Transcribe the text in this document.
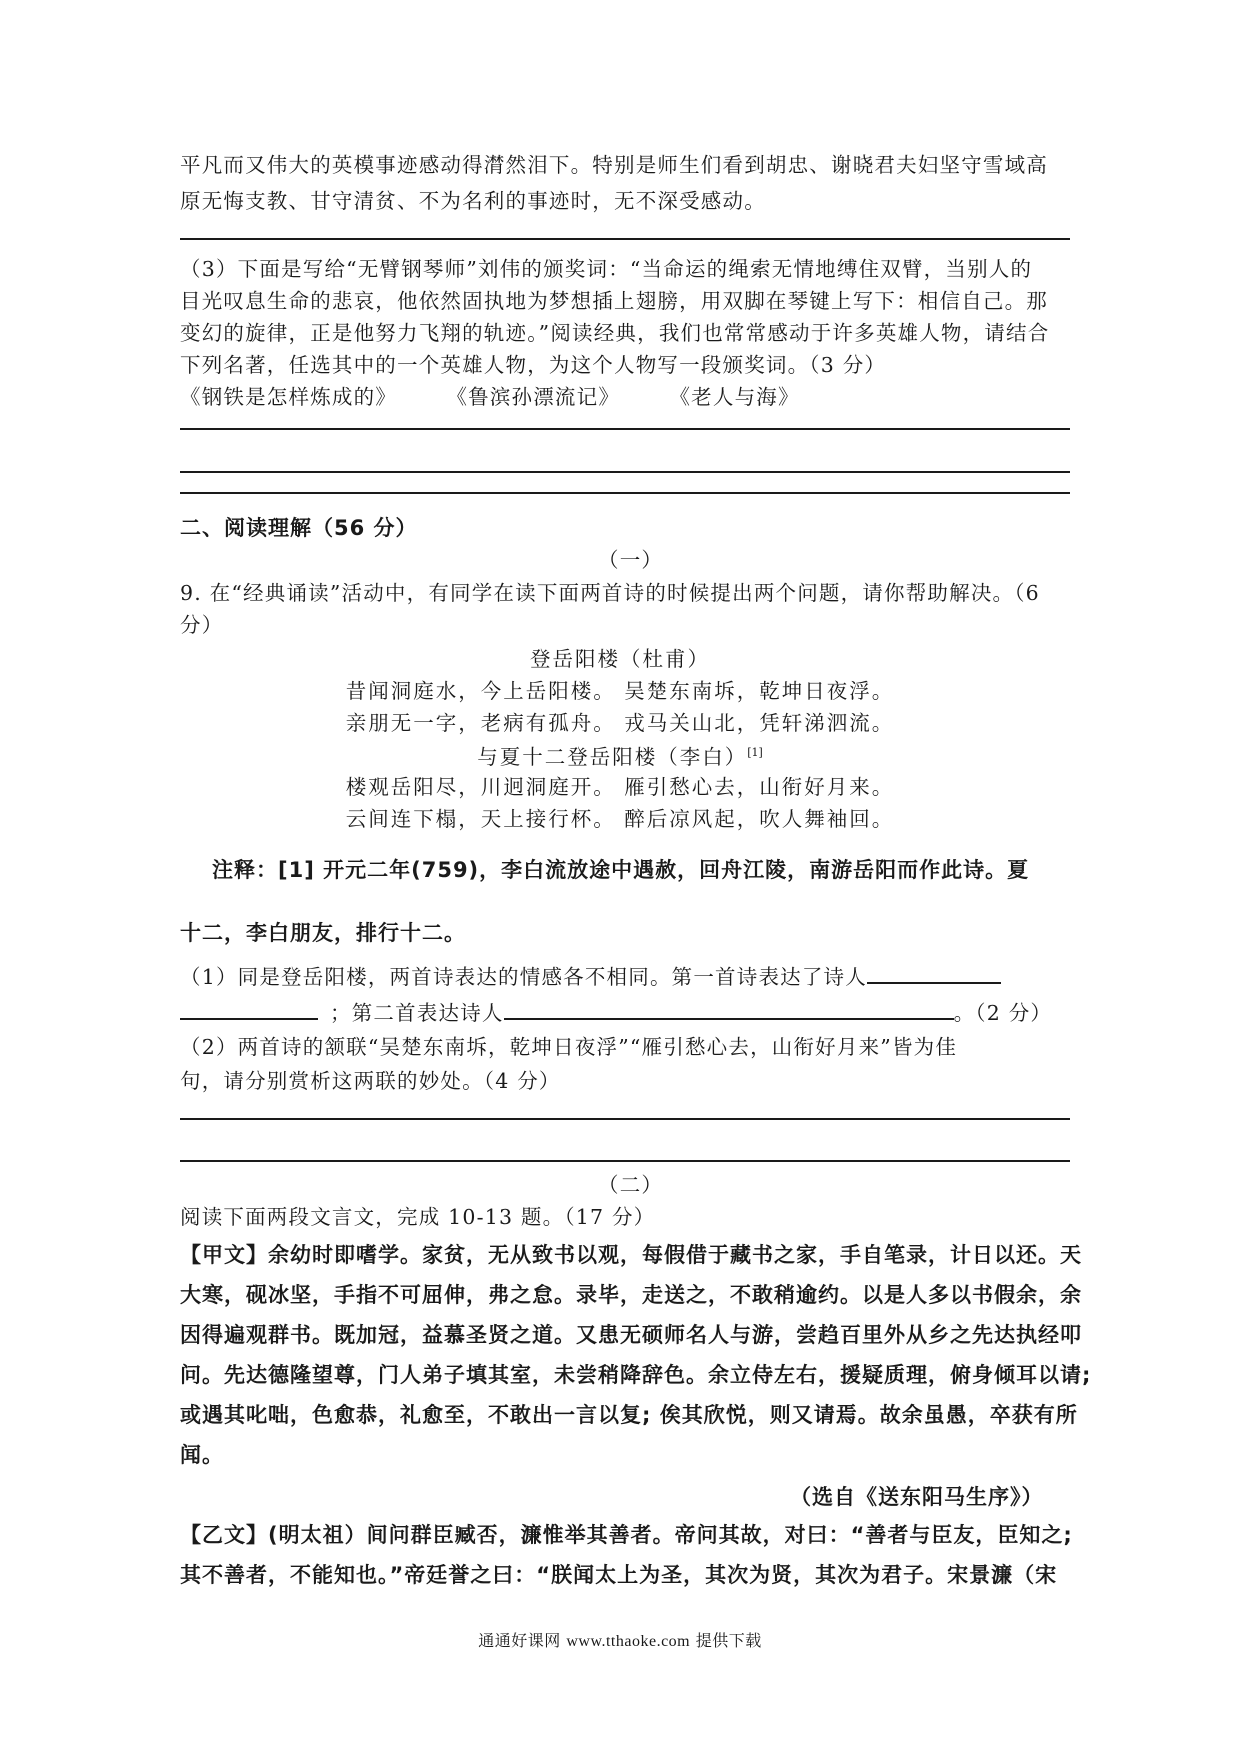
平凡而又伟大的英模事迹感动得潸然泪下。特别是师生们看到胡忠、谢晓君夫妇坚守雪域高
原无悔支教、甘守清贫、不为名利的事迹时，无不深受感动。
（3）下面是写给“无臂钢琴师”刘伟的颁奖词：“当命运的绳索无情地缚住双臂，当别人的
目光叹息生命的悲哀，他依然固执地为梦想插上翅膀，用双脚在琴键上写下：相信自己。那
变幻的旋律，正是他努力飞翔的轨迹。”阅读经典，我们也常常感动于许多英雄人物，请结合
下列名著，任选其中的一个英雄人物，为这个人物写一段颁奖词。（3 分）
《钢铁是怎样炼成的》 《鲁滨孙漂流记》 《老人与海》
二、阅读理解（56 分）
（一）
9. 在“经典诵读”活动中，有同学在读下面两首诗的时候提出两个问题，请你帮助解决。（6
分）
登岳阳楼（杜甫）
昔闻洞庭水，今上岳阳楼。 吴楚东南坼，乾坤日夜浮。
亲朋无一字，老病有孤舟。 戎马关山北，凭轩涕泗流。
与夏十二登岳阳楼（李白）[1]
楼观岳阳尽，川迥洞庭开。 雁引愁心去，山衔好月来。
云间连下榻，天上接行杯。 醉后凉风起，吹人舞袖回。
注释：[1] 开元二年(759)，李白流放途中遇赦，回舟江陵，南游岳阳而作此诗。夏
十二，李白朋友，排行十二。
（1）同是登岳阳楼，两首诗表达的情感各不相同。第一首诗表达了诗人
；第二首表达诗人	。（2 分）
（2）两首诗的颔联“吴楚东南坼，乾坤日夜浮”“雁引愁心去，山衔好月来”皆为佳
句，请分别赏析这两联的妙处。（4 分）
（二）
阅读下面两段文言文，完成 10-13 题。（17 分）
【甲文】余幼时即嗜学。家贫，无从致书以观，每假借于藏书之家，手自笔录，计日以还。天
大寒，砚冰坚，手指不可屈伸，弗之怠。录毕，走送之，不敢稍逾约。以是人多以书假余，余
因得遍观群书。既加冠，益慕圣贤之道。又患无硕师名人与游，尝趋百里外从乡之先达执经叩
问。先达德隆望尊，门人弟子填其室，未尝稍降辞色。余立侍左右，援疑质理，俯身倾耳以请;
或遇其叱咄，色愈恭，礼愈至，不敢出一言以复; 俟其欣悦，则又请焉。故余虽愚，卒获有所
闻。
（选自《送东阳马生序》）
【乙文】(明太祖）间问群臣臧否，濂惟举其善者。帝问其故，对曰：“善者与臣友，臣知之;
其不善者，不能知也。”帝廷誉之曰：“朕闻太上为圣，其次为贤，其次为君子。宋景濂（宋
通通好课网 www.tthaoke.com 提供下载
